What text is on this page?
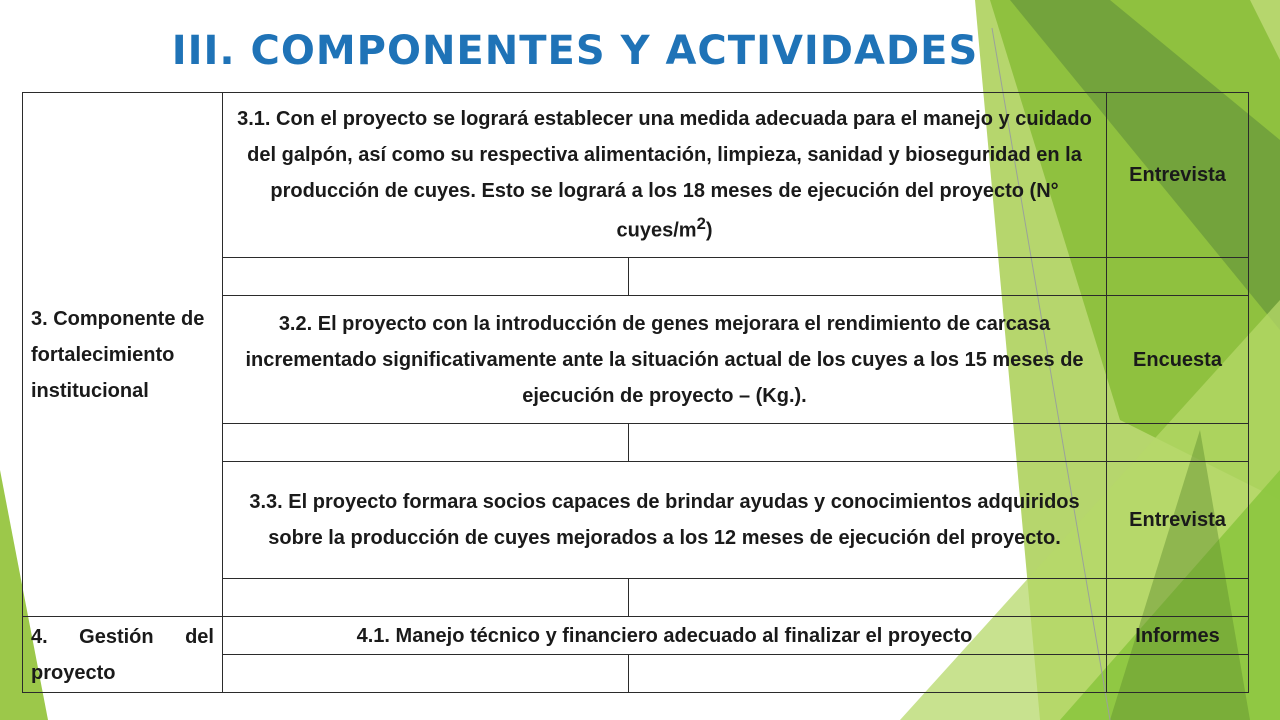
III. COMPONENTES Y ACTIVIDADES
3. Componente de fortalecimiento institucional	3.1. Con el proyecto se logrará establecer una medida adecuada para el manejo y cuidado del galpón, así como su respectiva alimentación, limpieza, sanidad y bioseguridad en la producción de cuyes. Esto se logrará a los 18 meses de ejecución del proyecto (N° cuyes/$m^2$)		Entrevista

	3.2. El proyecto con la introducción de genes mejorara el rendimiento de carcasa incrementado significativamente ante la situación actual de los cuyes a los 15 meses de ejecución de proyecto – (Kg.).		Encuesta

	3.3. El proyecto formara socios capaces de brindar ayudas y conocimientos adquiridos sobre la producción de cuyes mejorados a los 12 meses de ejecución del proyecto.		Entrevista

4. Gestión del proyecto	4.1. Manejo técnico y financiero adecuado al finalizar el proyecto		Informes
